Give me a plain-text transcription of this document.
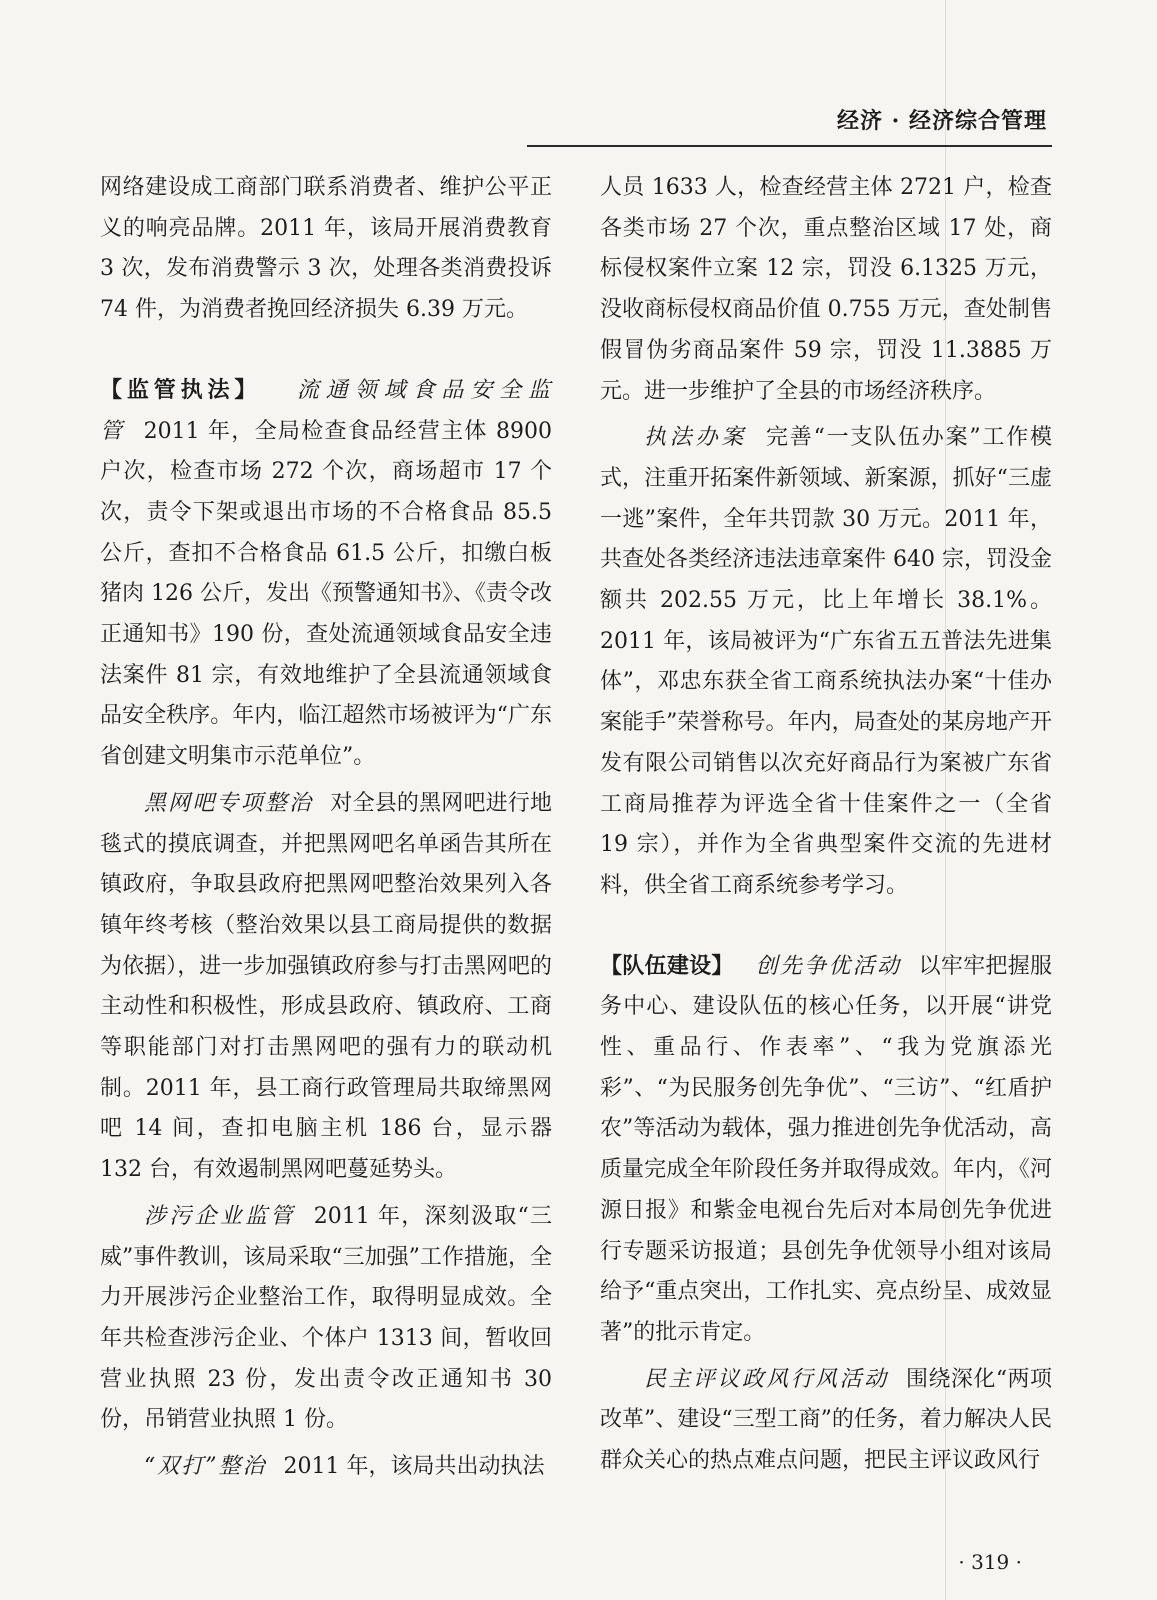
经济 · 经济综合管理

网络建设成工商部门联系消费者、维护公平正义的响亮品牌。2011 年，该局开展消费教育 3 次，发布消费警示 3 次，处理各类消费投诉 74 件，为消费者挽回经济损失 6.39 万元。

【监管执法】 流通领域食品安全监管 2011 年，全局检查食品经营主体 8900 户次，检查市场 272 个次，商场超市 17 个次，责令下架或退出市场的不合格食品 85.5 公斤，查扣不合格食品 61.5 公斤，扣缴白板猪肉 126 公斤，发出《预警通知书》、《责令改正通知书》190 份，查处流通领域食品安全违法案件 81 宗，有效地维护了全县流通领域食品安全秩序。年内，临江超然市场被评为“广东省创建文明集市示范单位”。

黑网吧专项整治 对全县的黑网吧进行地毯式的摸底调查，并把黑网吧名单函告其所在镇政府，争取县政府把黑网吧整治效果列入各镇年终考核（整治效果以县工商局提供的数据为依据），进一步加强镇政府参与打击黑网吧的主动性和积极性，形成县政府、镇政府、工商等职能部门对打击黑网吧的强有力的联动机制。2011 年，县工商行政管理局共取缔黑网吧 14 间，查扣电脑主机 186 台，显示器 132 台，有效遏制黑网吧蔓延势头。

涉污企业监管 2011 年，深刻汲取“三威”事件教训，该局采取“三加强”工作措施，全力开展涉污企业整治工作，取得明显成效。全年共检查涉污企业、个体户 1313 间，暂收回营业执照 23 份，发出责令改正通知书 30 份，吊销营业执照 1 份。

“双打”整治 2011 年，该局共出动执法

人员 1633 人，检查经营主体 2721 户，检查各类市场 27 个次，重点整治区域 17 处，商标侵权案件立案 12 宗，罚没 6.1325 万元，没收商标侵权商品价值 0.755 万元，查处制售假冒伪劣商品案件 59 宗，罚没 11.3885 万元。进一步维护了全县的市场经济秩序。

执法办案 完善“一支队伍办案”工作模式，注重开拓案件新领域、新案源，抓好“三虚一逃”案件，全年共罚款 30 万元。2011 年，共查处各类经济违法违章案件 640 宗，罚没金额共 202.55 万元，比上年增长 38.1%。2011 年，该局被评为“广东省五五普法先进集体”，邓忠东获全省工商系统执法办案“十佳办案能手”荣誉称号。年内，局查处的某房地产开发有限公司销售以次充好商品行为案被广东省工商局推荐为评选全省十佳案件之一（全省 19 宗），并作为全省典型案件交流的先进材料，供全省工商系统参考学习。

【队伍建设】 创先争优活动 以牢牢把握服务中心、建设队伍的核心任务，以开展“讲党性、重品行、作表率”、“我为党旗添光彩”、“为民服务创先争优”、“三访”、“红盾护农”等活动为载体，强力推进创先争优活动，高质量完成全年阶段任务并取得成效。年内，《河源日报》和紫金电视台先后对本局创先争优进行专题采访报道；县创先争优领导小组对该局给予“重点突出，工作扎实、亮点纷呈、成效显著”的批示肯定。

民主评议政风行风活动 围绕深化“两项改革”、建设“三型工商”的任务，着力解决人民群众关心的热点难点问题，把民主评议政风行

· 319 ·
